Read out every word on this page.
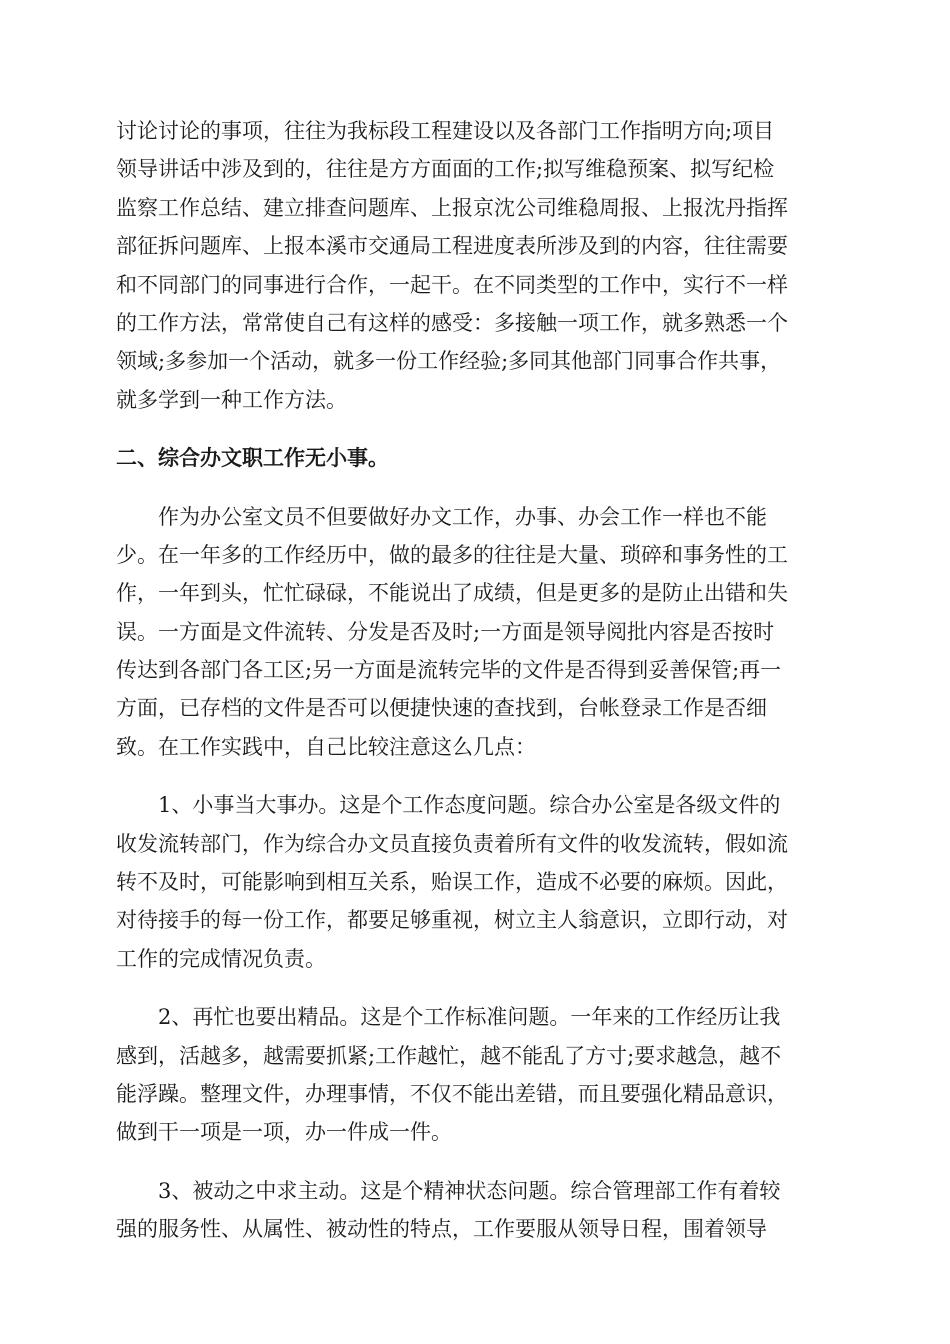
讨论讨论的事项，往往为我标段工程建设以及各部门工作指明方向;项目
领导讲话中涉及到的，往往是方方面面的工作;拟写维稳预案、拟写纪检
监察工作总结、建立排查问题库、上报京沈公司维稳周报、上报沈丹指挥
部征拆问题库、上报本溪市交通局工程进度表所涉及到的内容，往往需要
和不同部门的同事进行合作，一起干。在不同类型的工作中，实行不一样
的工作方法，常常使自己有这样的感受：多接触一项工作，就多熟悉一个
领域;多参加一个活动，就多一份工作经验;多同其他部门同事合作共事，
就多学到一种工作方法。
二、综合办文职工作无小事。
　　作为办公室文员不但要做好办文工作，办事、办会工作一样也不能
少。在一年多的工作经历中，做的最多的往往是大量、琐碎和事务性的工
作，一年到头，忙忙碌碌，不能说出了成绩，但是更多的是防止出错和失
误。一方面是文件流转、分发是否及时;一方面是领导阅批内容是否按时
传达到各部门各工区;另一方面是流转完毕的文件是否得到妥善保管;再一
方面，已存档的文件是否可以便捷快速的查找到，台帐登录工作是否细
致。在工作实践中，自己比较注意这么几点：
　　1、小事当大事办。这是个工作态度问题。综合办公室是各级文件的
收发流转部门，作为综合办文员直接负责着所有文件的收发流转，假如流
转不及时，可能影响到相互关系，贻误工作，造成不必要的麻烦。因此，
对待接手的每一份工作，都要足够重视，树立主人翁意识，立即行动，对
工作的完成情况负责。
　　2、再忙也要出精品。这是个工作标准问题。一年来的工作经历让我
感到，活越多，越需要抓紧;工作越忙，越不能乱了方寸;要求越急，越不
能浮躁。整理文件，办理事情，不仅不能出差错，而且要强化精品意识，
做到干一项是一项，办一件成一件。
　　3、被动之中求主动。这是个精神状态问题。综合管理部工作有着较
强的服务性、从属性、被动性的特点，工作要服从领导日程，围着领导
